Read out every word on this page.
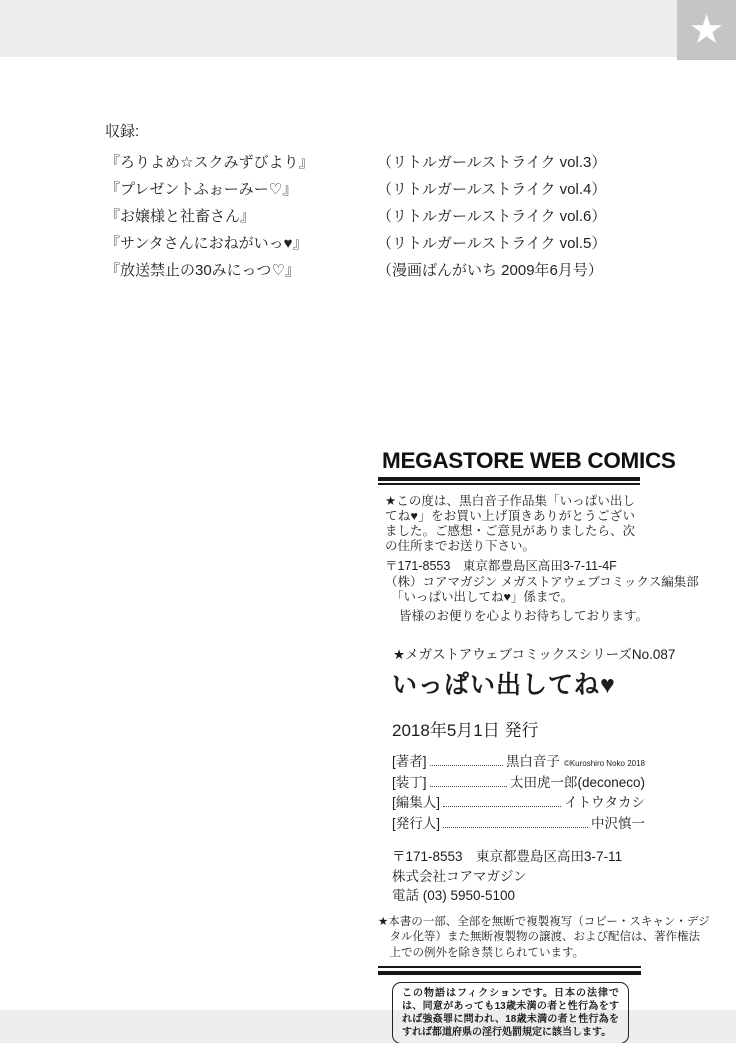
★
収録:
『ろりよめ☆スクみずびより』	（リトルガールストライク vol.3）
『プレゼントふぉーみー♡』	（リトルガールストライク vol.4）
『お嬢様と社畜さん』	（リトルガールストライク vol.6）
『サンタさんにおねがいっ♥』	（リトルガールストライク vol.5）
『放送禁止の30みにっつ♡』	（漫画ばんがいち 2009年6月号）
MEGASTORE WEB COMICS
★この度は、黒白音子作品集「いっぱい出してね♥」をお買い上げ頂きありがとうございました。ご感想・ご意見がありましたら、次の住所までお送り下さい。
〒171-8553　東京都豊島区高田3-7-11-4F
（株）コアマガジン メガストアウェブコミックス編集部
「いっぱい出してね♥」係まで。
皆様のお便りを心よりお待ちしております。
★メガストアウェブコミックスシリーズNo.087
いっぱい出してね♥
2018年5月1日 発行
[著者]	黒白音子 ©Kuroshiro Noko 2018
[装丁]	太田虎一郎(deconeco)
[編集人]	イトウタカシ
[発行人]	中沢慎一
〒171-8553　東京都豊島区高田3-7-11
株式会社コアマガジン
電話 (03) 5950-5100
★本書の一部、全部を無断で複製複写（コピー・スキャン・デジタル化等）また無断複製物の譲渡、および配信は、著作権法上での例外を除き禁じられています。
この物語はフィクションです。日本の法律では、同意があっても13歳未満の者と性行為をすれば強姦罪に問われ、18歳未満の者と性行為をすれば都道府県の淫行処罰規定に該当します。
